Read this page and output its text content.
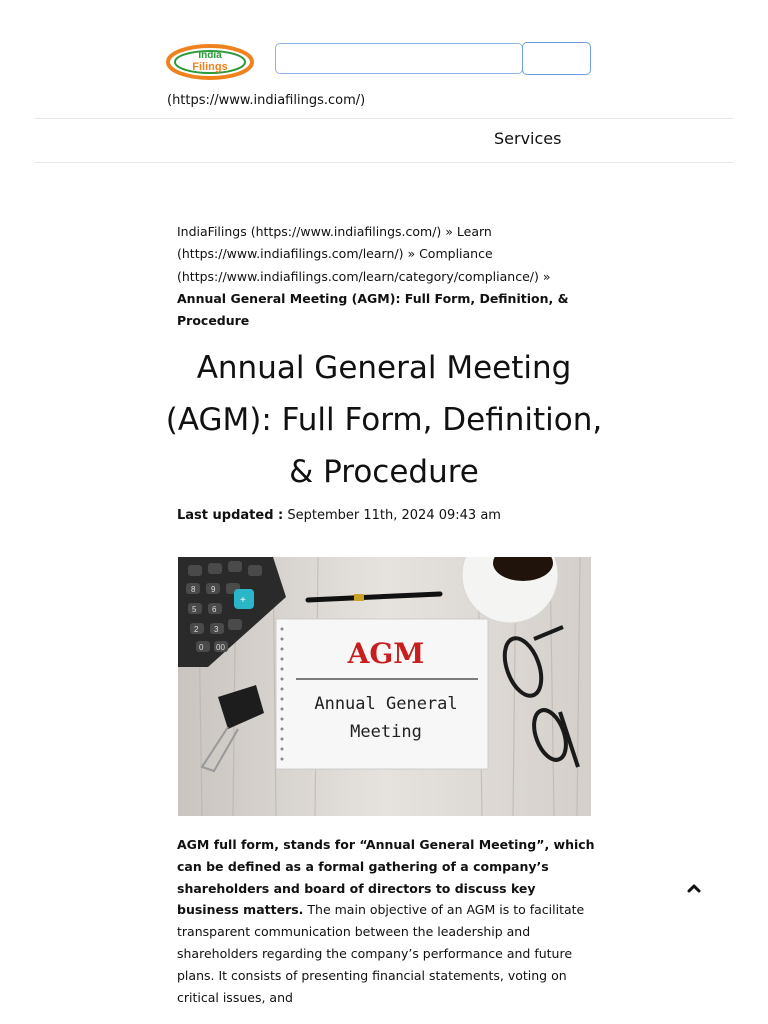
India
Filings
(https://www.indiafilings.com/)
Services
IndiaFilings (https://www.indiafilings.com/) » Learn (https://www.indiafilings.com/learn/) » Compliance (https://www.indiafilings.com/learn/category/compliance/) »
Annual General Meeting (AGM): Full Form, Definition, & Procedure
Annual General Meeting (AGM): Full Form, Definition, & Procedure
Last updated : September 11th, 2024 09:43 am
8 9
5 6
2 3
0 00
+
AGM
Annual General
Meeting

AGM full form, stands for “Annual General Meeting”, which can be defined as a formal gathering of a company’s shareholders and board of directors to discuss key business matters. The main objective of an AGM is to facilitate transparent communication between the leadership and shareholders regarding the company’s performance and future plans. It consists of presenting financial statements, voting on critical issues, and
